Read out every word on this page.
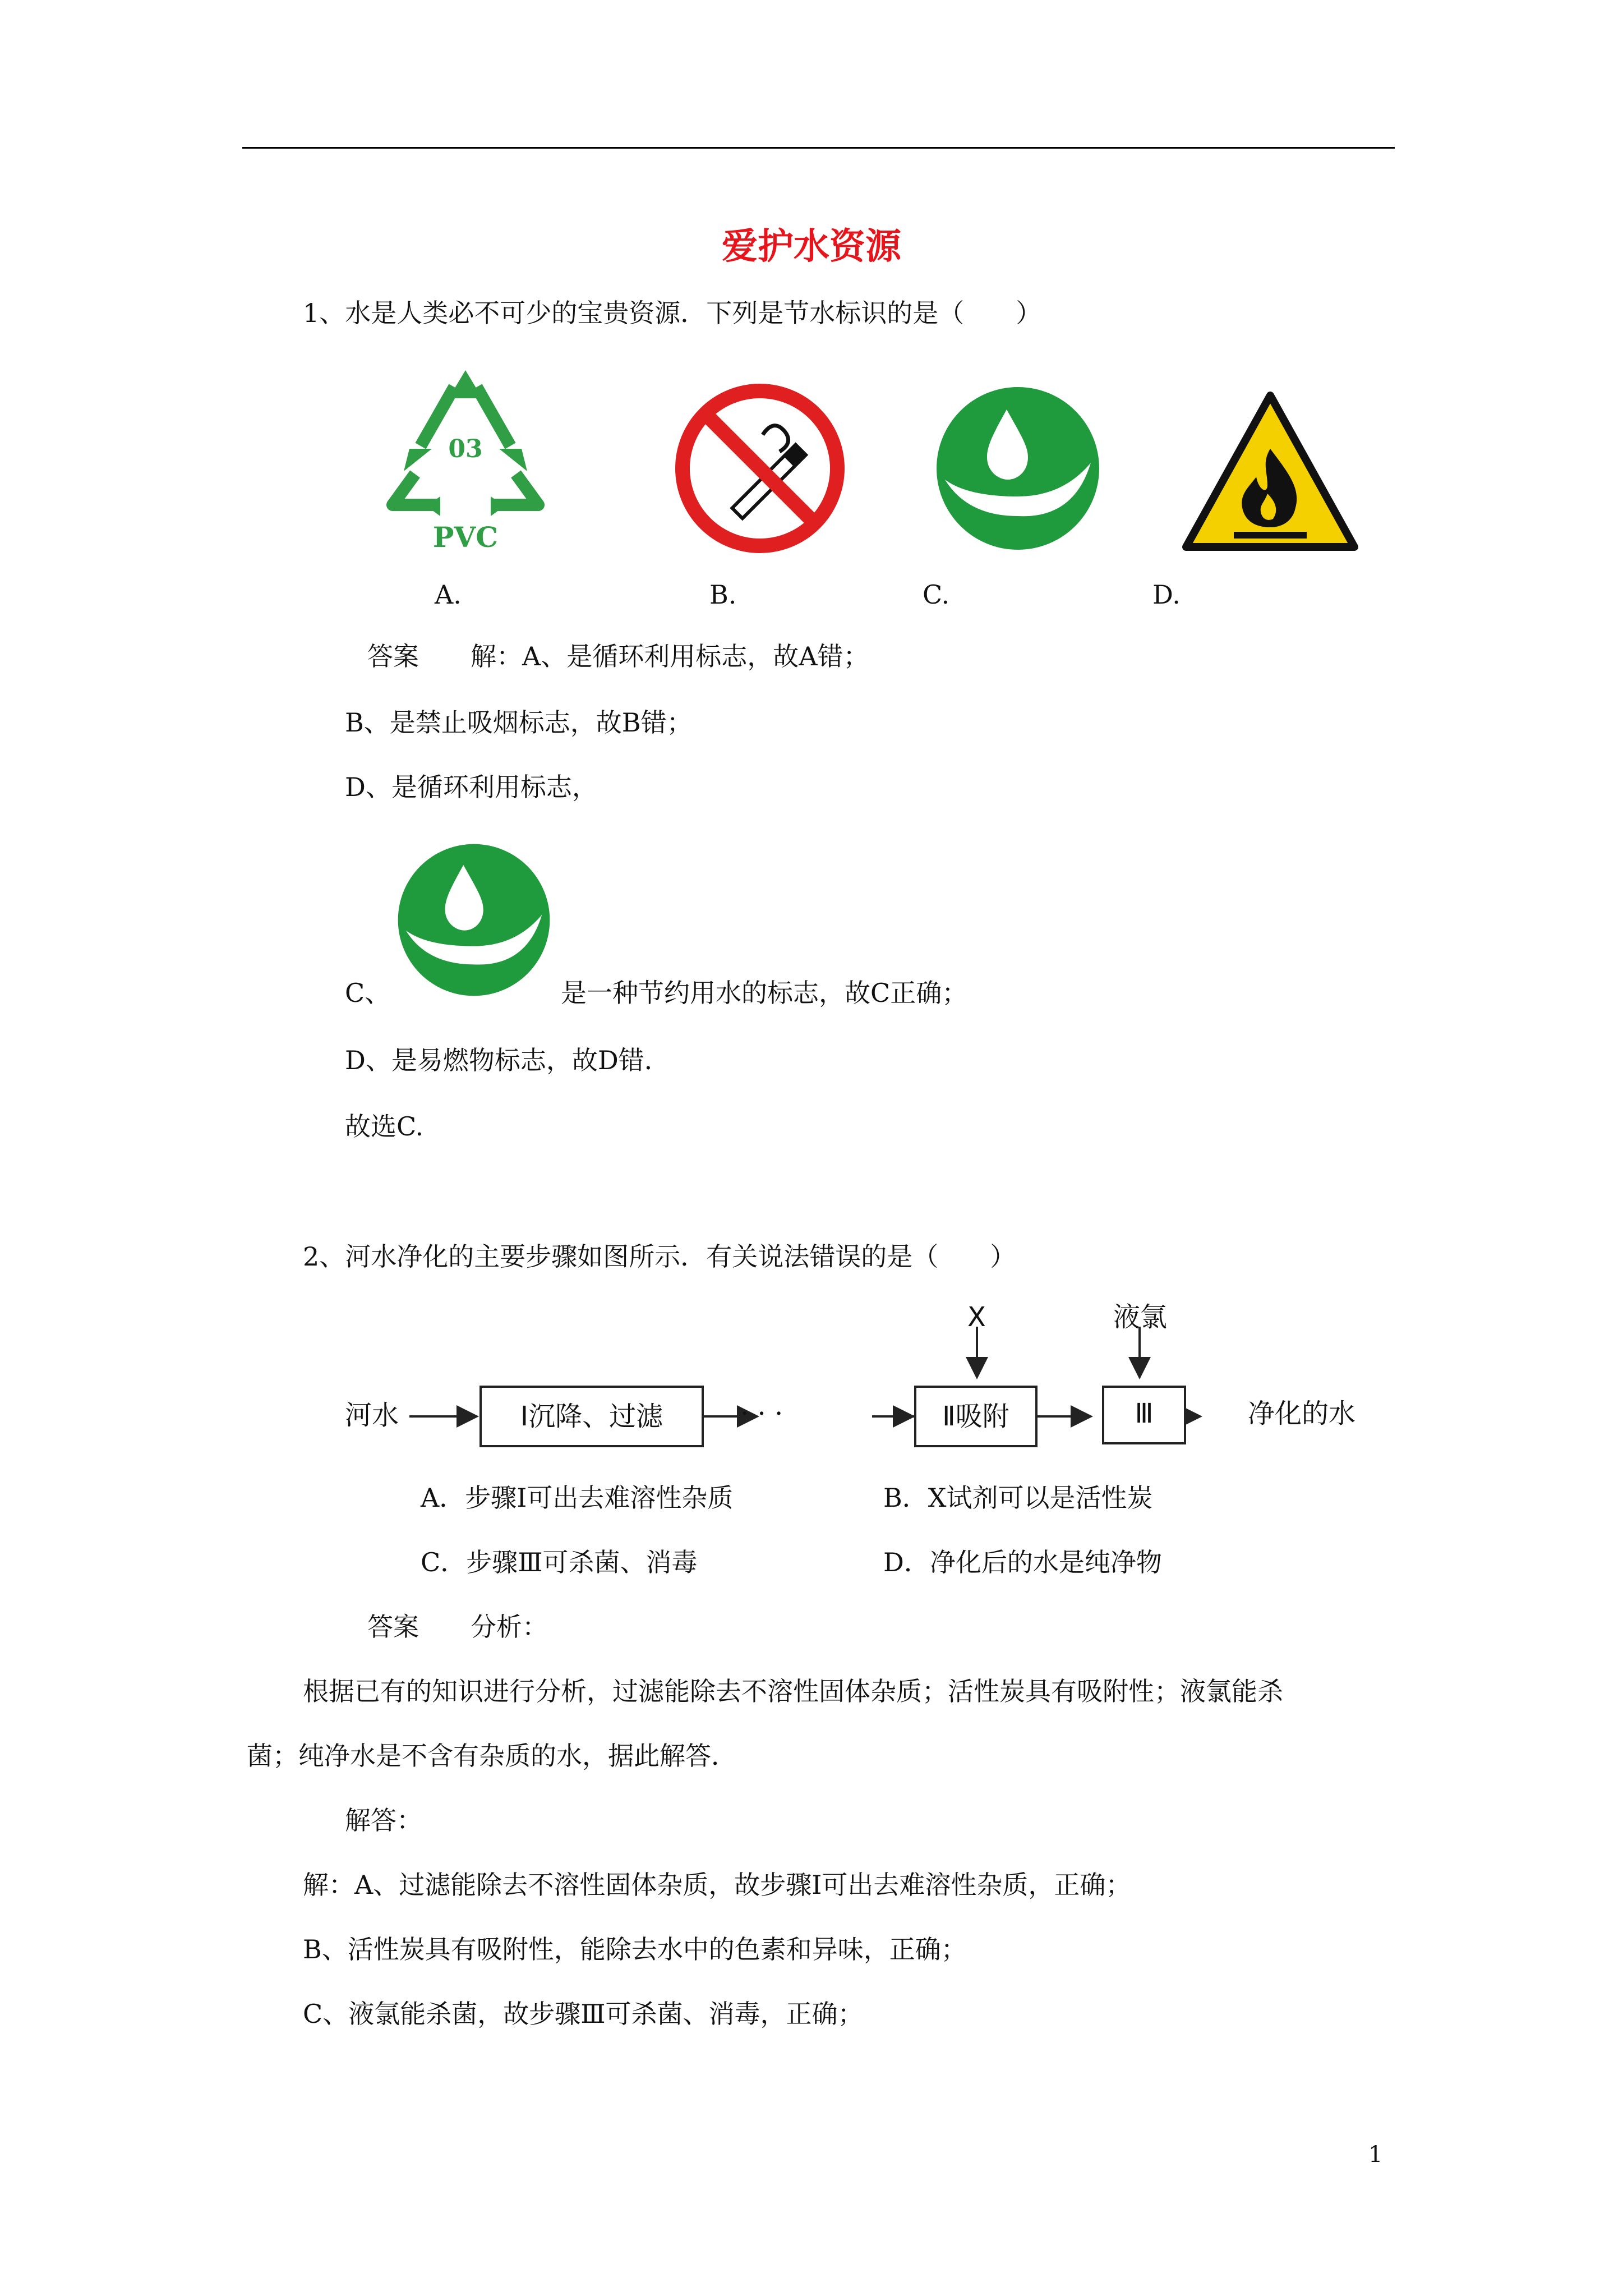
爱护水资源
1、水是人类必不可少的宝贵资源．下列是节水标识的是（　　）
03
PVC
A.	B.	C.	D.
答案　　解：A、是循环利用标志，故A错；
B、是禁止吸烟标志，故B错；
D、是循环利用标志，
C、	是一种节约用水的标志，故C正确；
D、是易燃物标志，故D错．
故选C.
2、河水净化的主要步骤如图所示．有关说法错误的是（　　）
河水	Ⅰ沉降、过滤	· · ·	Ⅱ吸附	Ⅲ	净化的水
X	液氯
A．步骤Ⅰ可出去难溶性杂质	B．X试剂可以是活性炭
C．步骤Ⅲ可杀菌、消毒	D．净化后的水是纯净物
答案　　分析：
根据已有的知识进行分析，过滤能除去不溶性固体杂质；活性炭具有吸附性；液氯能杀
菌；纯净水是不含有杂质的水，据此解答．
解答：
解：A、过滤能除去不溶性固体杂质，故步骤Ⅰ可出去难溶性杂质，正确；
B、活性炭具有吸附性，能除去水中的色素和异味，正确；
C、液氯能杀菌，故步骤Ⅲ可杀菌、消毒，正确；
1
